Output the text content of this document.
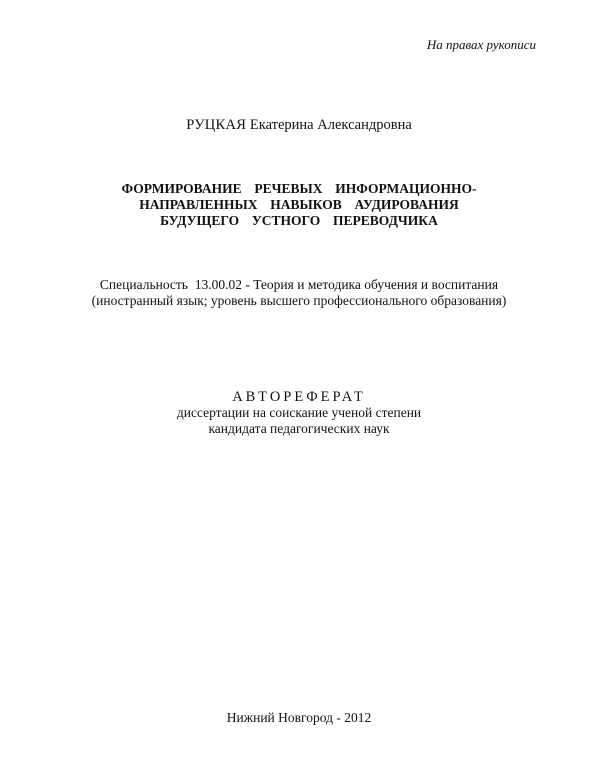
На правах рукописи
РУЦКАЯ Екатерина Александровна
ФОРМИРОВАНИЕ  РЕЧЕВЫХ  ИНФОРМАЦИОННО-
НАПРАВЛЕННЫХ  НАВЫКОВ  АУДИРОВАНИЯ
БУДУЩЕГО  УСТНОГО  ПЕРЕВОДЧИКА
Специальность  13.00.02 - Теория и методика обучения и воспитания
(иностранный язык; уровень высшего профессионального образования)
АВТОРЕФЕРАТ
диссертации на соискание ученой степени
кандидата педагогических наук
Нижний Новгород - 2012
